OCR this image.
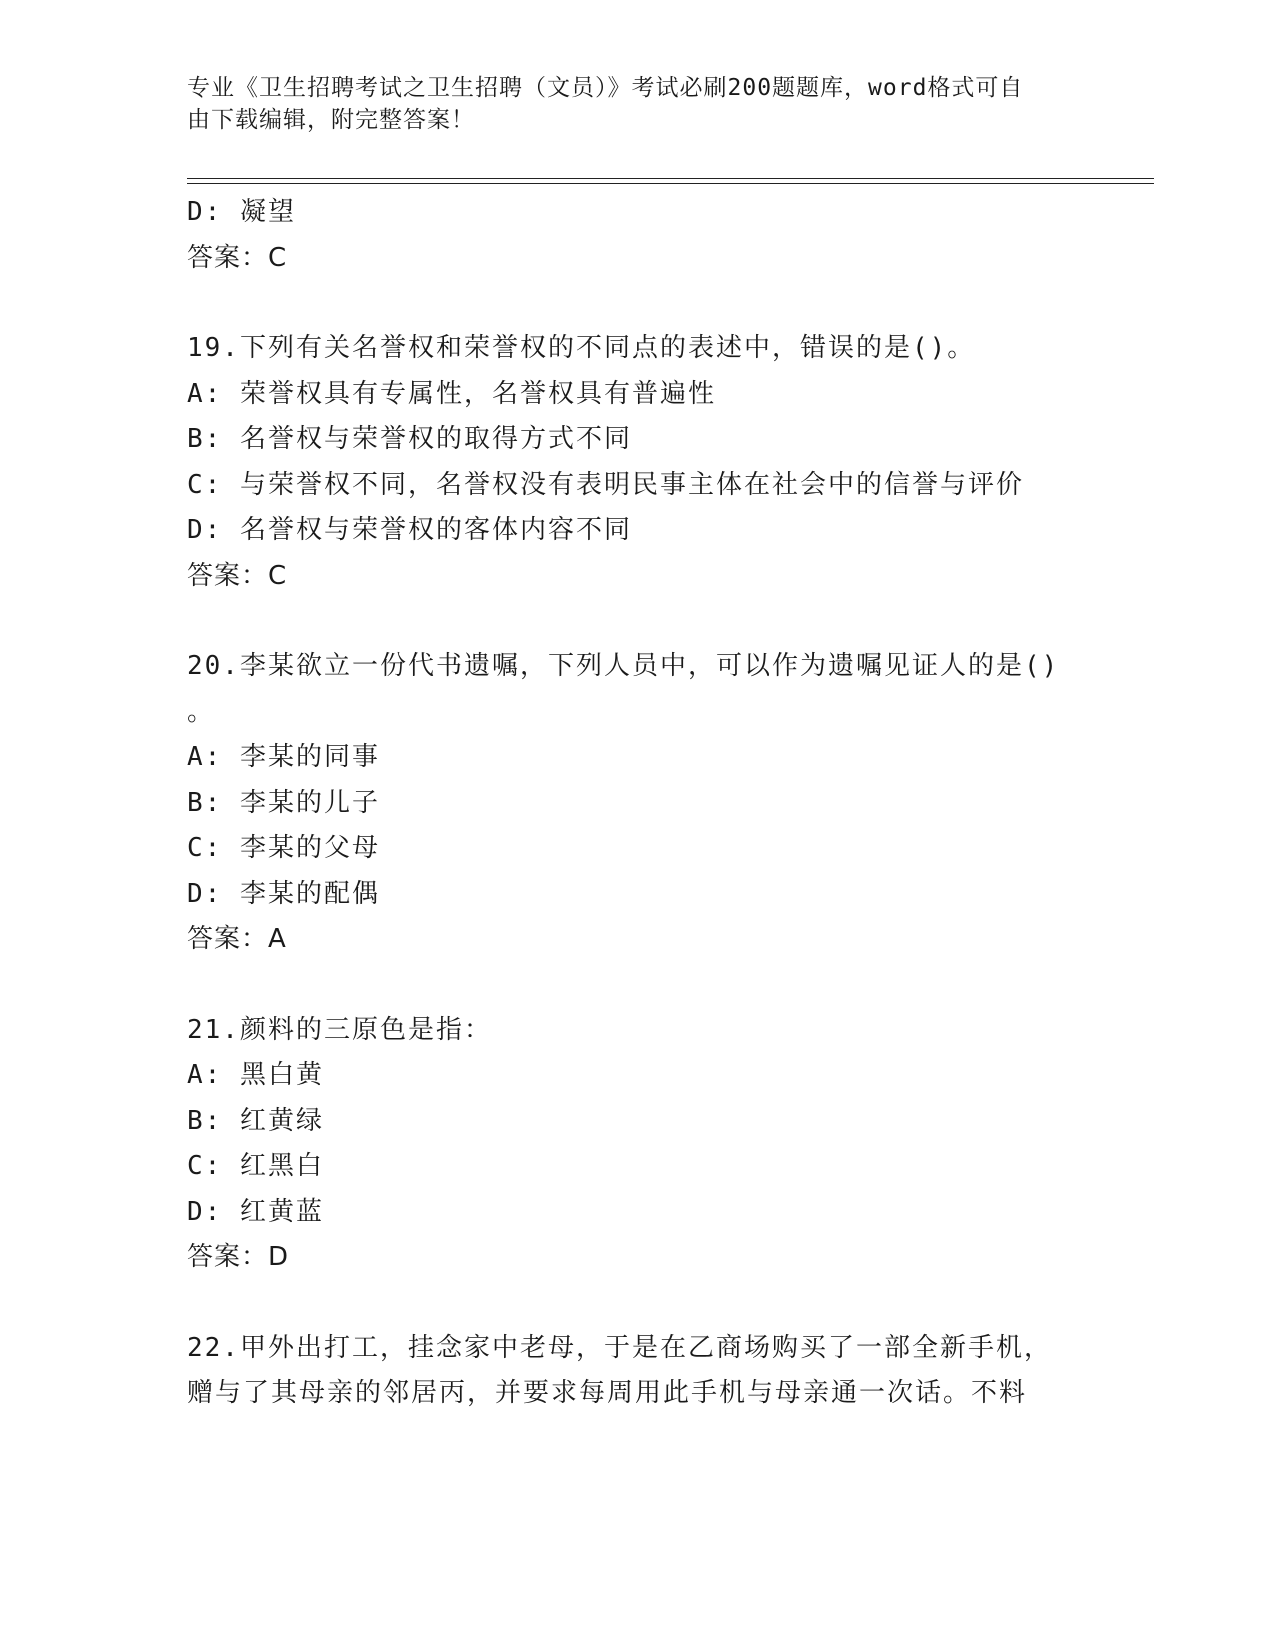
专业《卫生招聘考试之卫生招聘（文员）》考试必刷200题题库，word格式可自
由下载编辑，附完整答案！
D: 凝望
答案：C
19.下列有关名誉权和荣誉权的不同点的表述中，错误的是()。
A: 荣誉权具有专属性，名誉权具有普遍性
B: 名誉权与荣誉权的取得方式不同
C: 与荣誉权不同，名誉权没有表明民事主体在社会中的信誉与评价
D: 名誉权与荣誉权的客体内容不同
答案：C
20.李某欲立一份代书遗嘱，下列人员中，可以作为遗嘱见证人的是()
。
A: 李某的同事
B: 李某的儿子
C: 李某的父母
D: 李某的配偶
答案：A
21.颜料的三原色是指：
A: 黑白黄
B: 红黄绿
C: 红黑白
D: 红黄蓝
答案：D
22.甲外出打工，挂念家中老母，于是在乙商场购买了一部全新手机，
赠与了其母亲的邻居丙，并要求每周用此手机与母亲通一次话。不料
